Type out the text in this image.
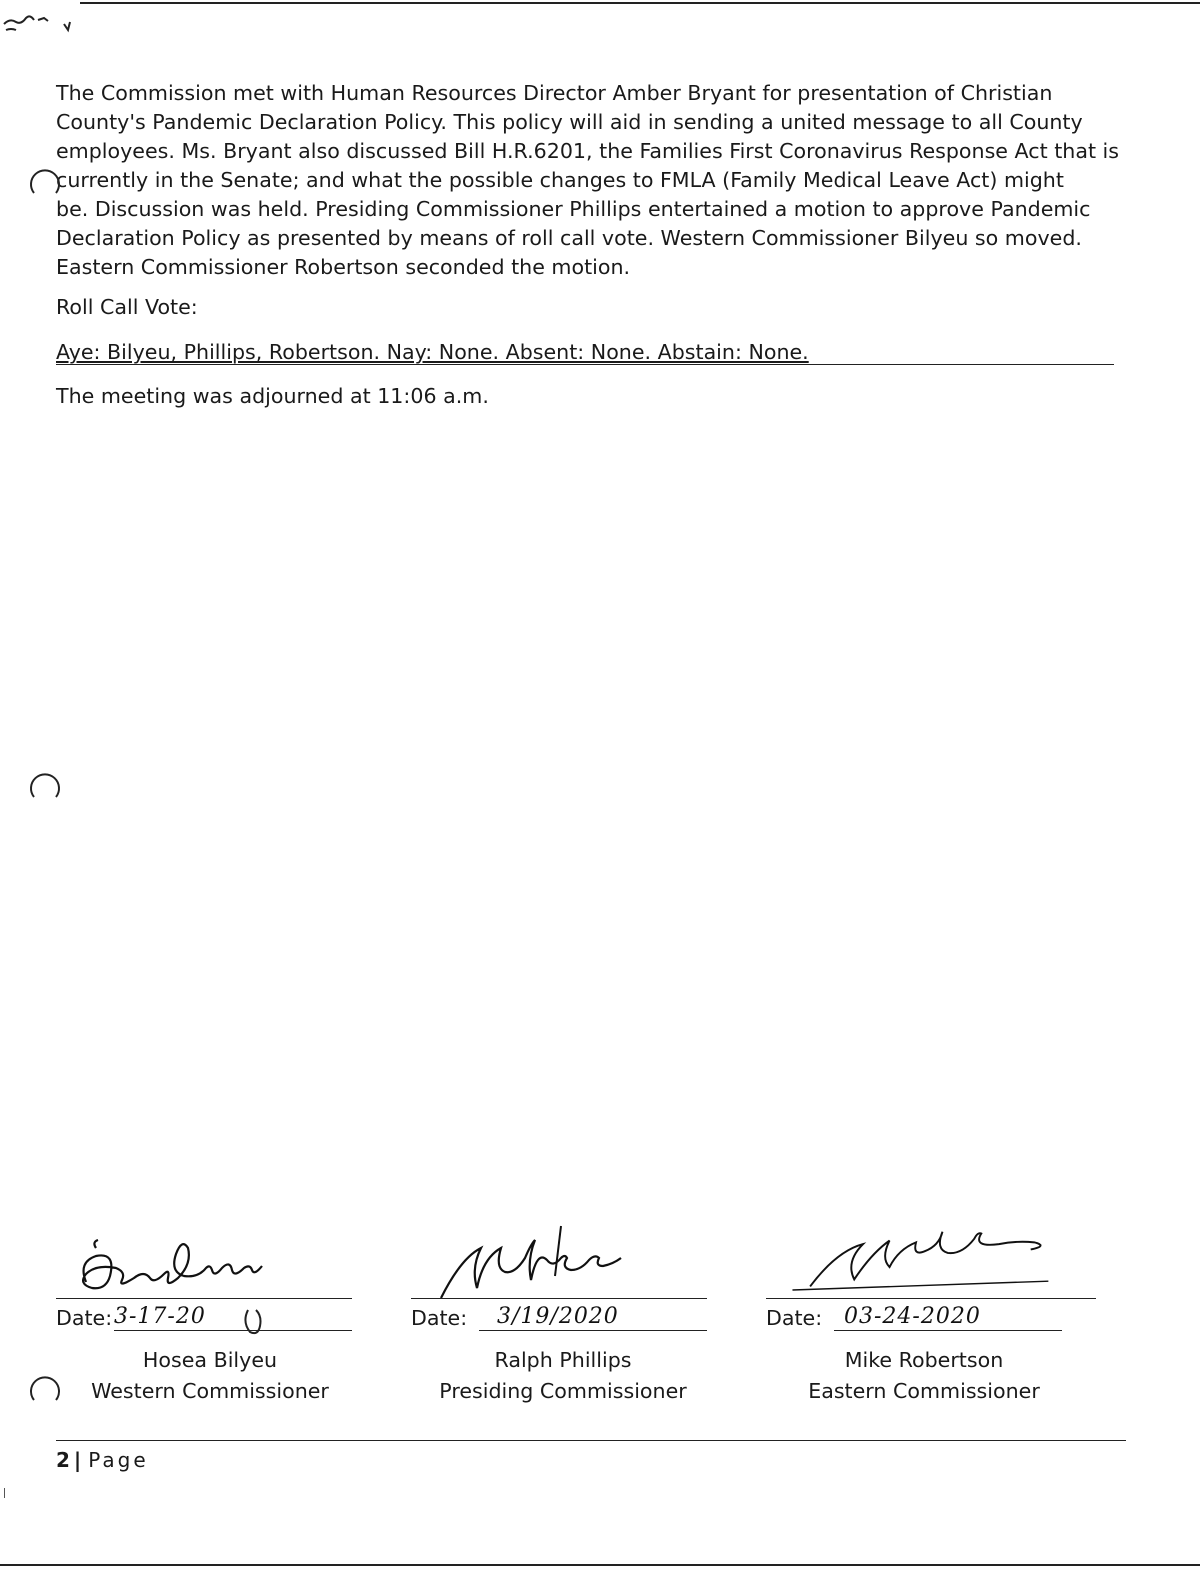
The Commission met with Human Resources Director Amber Bryant for presentation of Christian
County's Pandemic Declaration Policy. This policy will aid in sending a united message to all County
employees. Ms. Bryant also discussed Bill H.R.6201, the Families First Coronavirus Response Act that is
currently in the Senate; and what the possible changes to FMLA (Family Medical Leave Act) might
be. Discussion was held. Presiding Commissioner Phillips entertained a motion to approve Pandemic
Declaration Policy as presented by means of roll call vote. Western Commissioner Bilyeu so moved.
Eastern Commissioner Robertson seconded the motion.

Roll Call Vote:

Aye: Bilyeu, Phillips, Robertson. Nay: None. Absent: None. Abstain: None.

The meeting was adjourned at 11:06 a.m.

Date: 3-17-20
Hosea Bilyeu
Western Commissioner
Date:	3/19/2020
Ralph Phillips
Presiding Commissioner
Date: 03-24-2020
Mike Robertson
Eastern Commissioner
2 | Page
